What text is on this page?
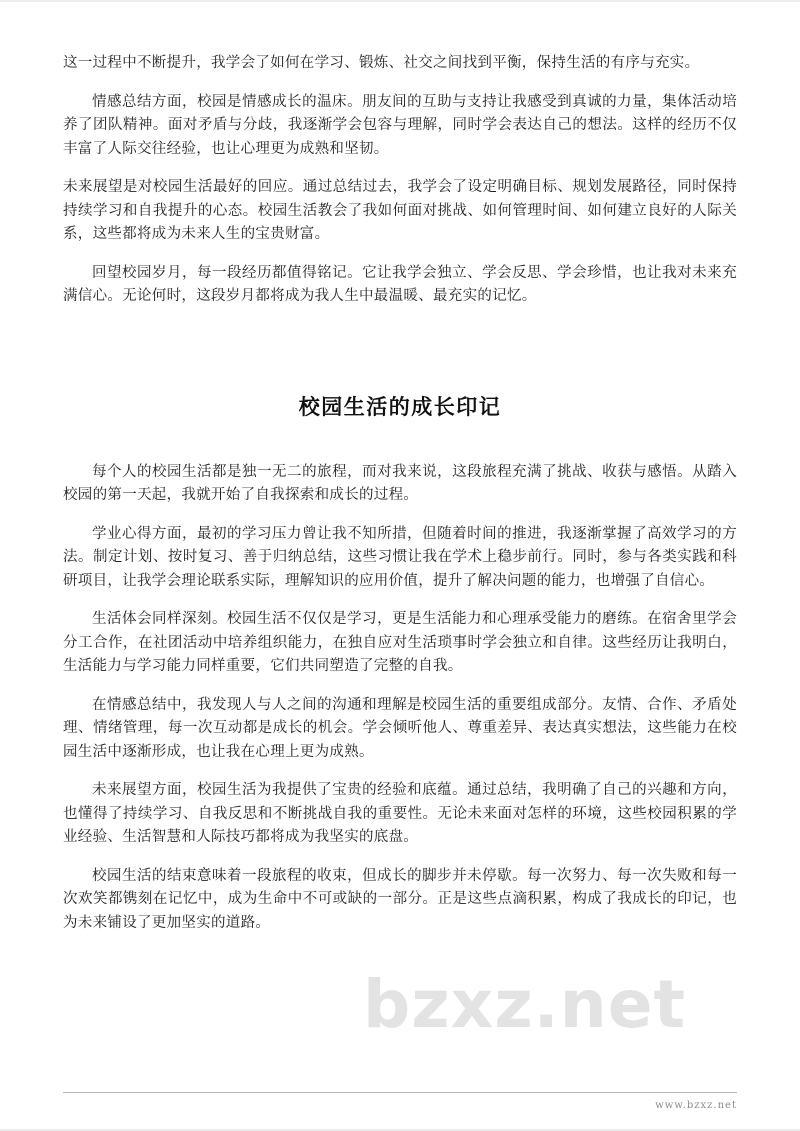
这一过程中不断提升，我学会了如何在学习、锻炼、社交之间找到平衡，保持生活的有序与充实。

情感总结方面，校园是情感成长的温床。朋友间的互助与支持让我感受到真诚的力量，集体活动培养了团队精神。面对矛盾与分歧，我逐渐学会包容与理解，同时学会表达自己的想法。这样的经历不仅丰富了人际交往经验，也让心理更为成熟和坚韧。

未来展望是对校园生活最好的回应。通过总结过去，我学会了设定明确目标、规划发展路径，同时保持持续学习和自我提升的心态。校园生活教会了我如何面对挑战、如何管理时间、如何建立良好的人际关系，这些都将成为未来人生的宝贵财富。

回望校园岁月，每一段经历都值得铭记。它让我学会独立、学会反思、学会珍惜，也让我对未来充满信心。无论何时，这段岁月都将成为我人生中最温暖、最充实的记忆。

校园生活的成长印记

每个人的校园生活都是独一无二的旅程，而对我来说，这段旅程充满了挑战、收获与感悟。从踏入校园的第一天起，我就开始了自我探索和成长的过程。

学业心得方面，最初的学习压力曾让我不知所措，但随着时间的推进，我逐渐掌握了高效学习的方法。制定计划、按时复习、善于归纳总结，这些习惯让我在学术上稳步前行。同时，参与各类实践和科研项目，让我学会理论联系实际，理解知识的应用价值，提升了解决问题的能力，也增强了自信心。

生活体会同样深刻。校园生活不仅仅是学习，更是生活能力和心理承受能力的磨练。在宿舍里学会分工合作，在社团活动中培养组织能力，在独自应对生活琐事时学会独立和自律。这些经历让我明白，生活能力与学习能力同样重要，它们共同塑造了完整的自我。

在情感总结中，我发现人与人之间的沟通和理解是校园生活的重要组成部分。友情、合作、矛盾处理、情绪管理，每一次互动都是成长的机会。学会倾听他人、尊重差异、表达真实想法，这些能力在校园生活中逐渐形成，也让我在心理上更为成熟。

未来展望方面，校园生活为我提供了宝贵的经验和底蕴。通过总结，我明确了自己的兴趣和方向，也懂得了持续学习、自我反思和不断挑战自我的重要性。无论未来面对怎样的环境，这些校园积累的学业经验、生活智慧和人际技巧都将成为我坚实的底盘。

校园生活的结束意味着一段旅程的收束，但成长的脚步并未停歇。每一次努力、每一次失败和每一次欢笑都镌刻在记忆中，成为生命中不可或缺的一部分。正是这些点滴积累，构成了我成长的印记，也为未来铺设了更加坚实的道路。

bzxz.net
www.bzxz.net
